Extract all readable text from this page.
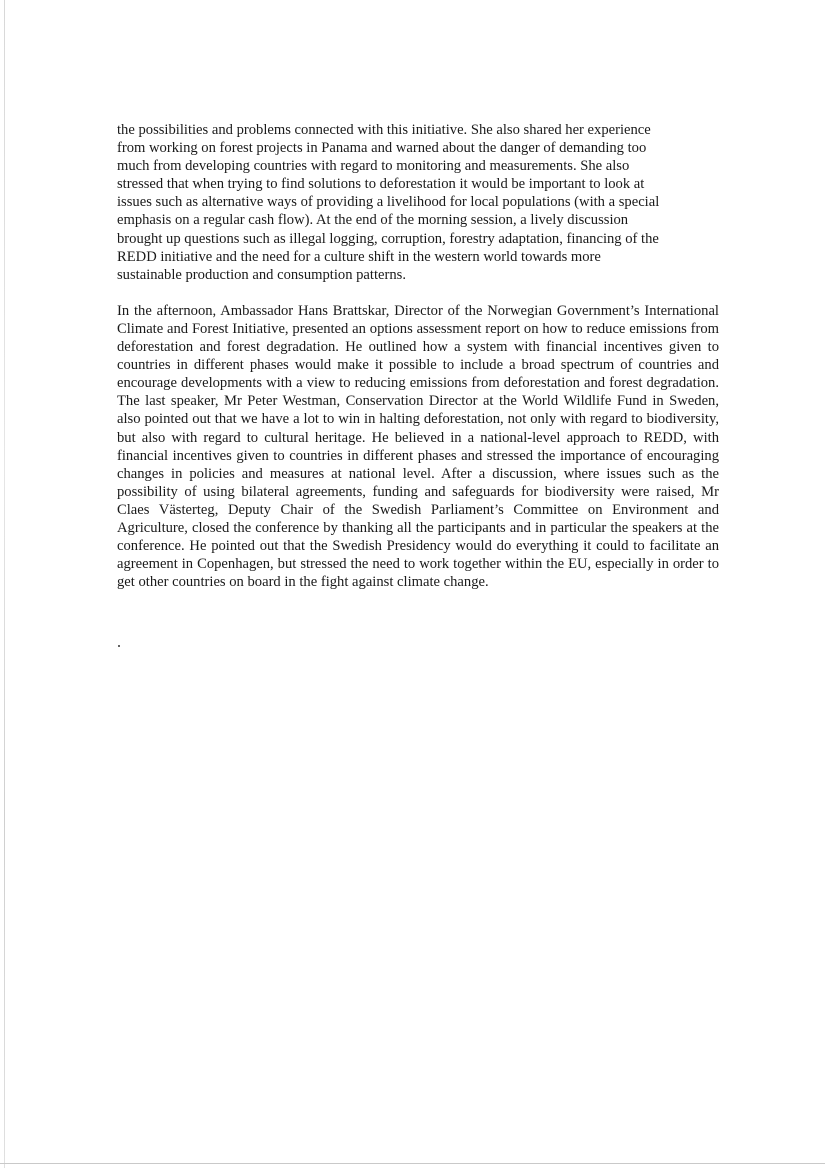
the possibilities and problems connected with this initiative. She also shared her experience
from working on forest projects in Panama and warned about the danger of demanding too
much from developing countries with regard to monitoring and measurements. She also
stressed that when trying to find solutions to deforestation it would be important to look at
issues such as alternative ways of providing a livelihood for local populations (with a special
emphasis on a regular cash flow). At the end of the morning session, a lively discussion
brought up questions such as illegal logging, corruption, forestry adaptation, financing of the
REDD initiative and the need for a culture shift in the western world towards more
sustainable production and consumption patterns.

In the afternoon, Ambassador Hans Brattskar, Director of the Norwegian Government’s International Climate and Forest Initiative, presented an options assessment report on how to reduce emissions from deforestation and forest degradation. He outlined how a system with financial incentives given to countries in different phases would make it possible to include a broad spectrum of countries and encourage developments with a view to reducing emissions from deforestation and forest degradation. The last speaker, Mr Peter Westman, Conservation Director at the World Wildlife Fund in Sweden, also pointed out that we have a lot to win in halting deforestation, not only with regard to biodiversity, but also with regard to cultural heritage. He believed in a national-level approach to REDD, with financial incentives given to countries in different phases and stressed the importance of encouraging changes in policies and measures at national level. After a discussion, where issues such as the possibility of using bilateral agreements, funding and safeguards for biodiversity were raised, Mr Claes Västerteg, Deputy Chair of the Swedish Parliament’s Committee on Environment and Agriculture, closed the conference by thanking all the participants and in particular the speakers at the conference. He pointed out that the Swedish Presidency would do everything it could to facilitate an agreement in Copenhagen, but stressed the need to work together within the EU, especially in order to get other countries on board in the fight against climate change.
